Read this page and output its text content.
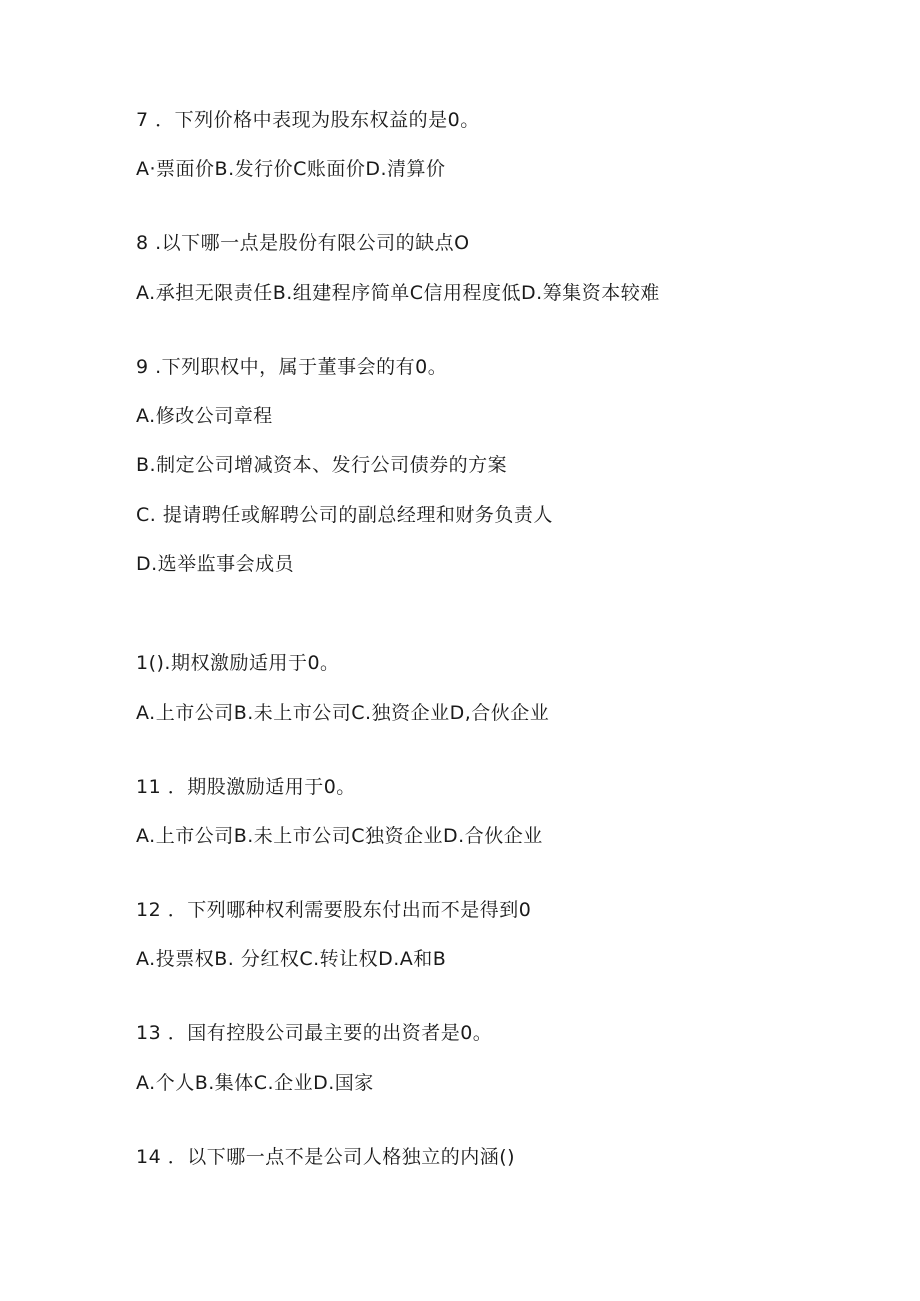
7 ．下列价格中表现为股东权益的是0。
A·票面价B.发行价C账面价D.清算价
8 .以下哪一点是股份有限公司的缺点O
A.承担无限责任B.组建程序简单C信用程度低D.筹集资本较难
9 .下列职权中，属于董事会的有0。
A.修改公司章程
B.制定公司增减资本、发行公司债券的方案
C. 提请聘任或解聘公司的副总经理和财务负责人
D.选举监事会成员
1().期权激励适用于0。
A.上市公司B.未上市公司C.独资企业D,合伙企业
11 ．期股激励适用于0。
A.上市公司B.未上市公司C独资企业D.合伙企业
12 ．下列哪种权利需要股东付出而不是得到0
A.投票权B. 分红权C.转让权D.A和B
13 ．国有控股公司最主要的出资者是0。
A.个人B.集体C.企业D.国家
14 ．以下哪一点不是公司人格独立的内涵()
